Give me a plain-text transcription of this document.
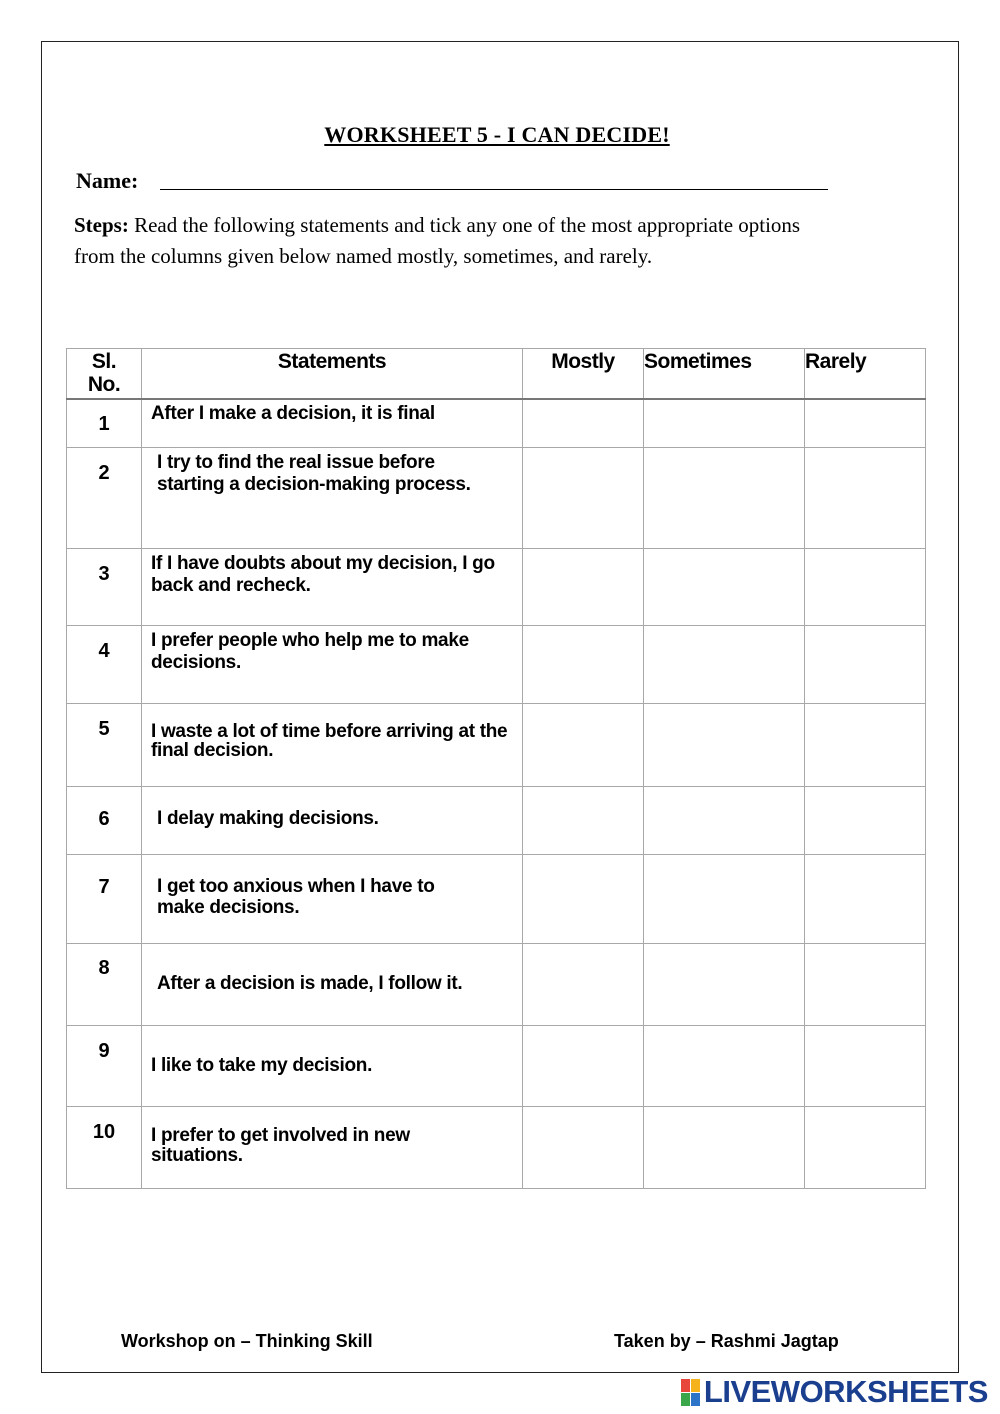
WORKSHEET 5 - I CAN DECIDE!
Name:
Steps: Read the following statements and tick any one of the most appropriate options from the columns given below named mostly, sometimes, and rarely.
Sl.
No.	Statements	Mostly	Sometimes	Rarely
1	After I make a decision, it is final			
2	I try to find the real issue before starting a decision-making process.			
3	If I have doubts about my decision, I go back and recheck.			
4	I prefer people who help me to make decisions.			
5	I waste a lot of time before arriving at the final decision.			
6	I delay making decisions.			
7	I get too anxious when I have to make decisions.			
8	After a decision is made, I follow it.			
9	I like to take my decision.			
10	I prefer to get involved in new situations.			
Workshop on – Thinking Skill	Taken by – Rashmi Jagtap
LIVEWORKSHEETS
